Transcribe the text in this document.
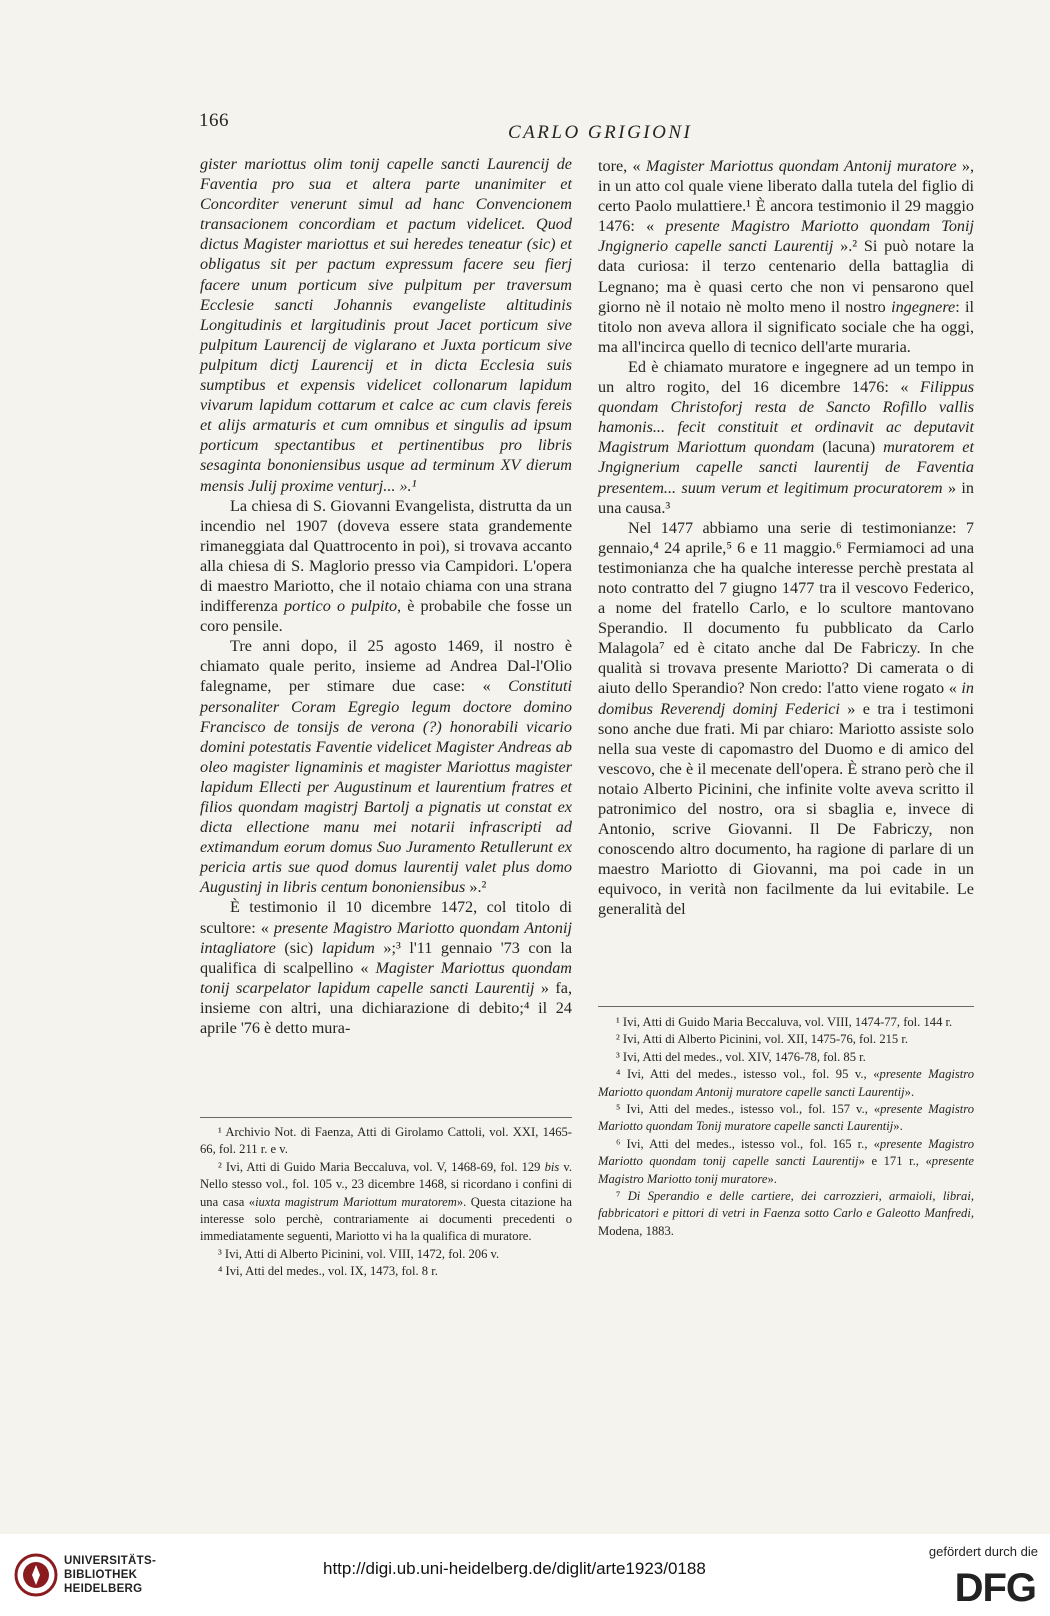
166
CARLO GRIGIONI

gister mariottus olim tonij capelle sancti Laurencij de Faventia pro sua et altera parte unanimiter et Concorditer venerunt simul ad hanc Convencionem transacionem concordiam et pactum videlicet. Quod dictus Magister mariottus et sui heredes teneatur (sic) et obligatus sit per pactum expressum facere seu fierj facere unum porticum sive pulpitum per traversum Ecclesie sancti Johannis evangeliste altitudinis Longitudinis et largitudinis prout Jacet porticum sive pulpitum Laurencij de viglarano et Juxta porticum sive pulpitum dictj Laurencij et in dicta Ecclesia suis sumptibus et expensis videlicet collonarum lapidum vivarum lapidum cottarum et calce ac cum clavis fereis et alijs armaturis et cum omnibus et singulis ad ipsum porticum spectantibus et pertinentibus pro libris sesaginta bononiensibus usque ad terminum XV dierum mensis Julij proxime venturj... ».¹

La chiesa di S. Giovanni Evangelista, distrutta da un incendio nel 1907 (doveva essere stata grandemente rimaneggiata dal Quattrocento in poi), si trovava accanto alla chiesa di S. Maglorio presso via Campidori. L'opera di maestro Mariotto, che il notaio chiama con una strana indifferenza portico o pulpito, è probabile che fosse un coro pensile.

Tre anni dopo, il 25 agosto 1469, il nostro è chiamato quale perito, insieme ad Andrea Dal-l'Olio falegname, per stimare due case: « Constituti personaliter Coram Egregio legum doctore domino Francisco de tonsijs de verona (?) honorabili vicario domini potestatis Faventie videlicet Magister Andreas ab oleo magister lignaminis et magister Mariottus magister lapidum Ellecti per Augustinum et laurentium fratres et filios quondam magistrj Bartolj a pignatis ut constat ex dicta ellectione manu mei notarii infrascripti ad extimandum eorum domus Suo Juramento Retullerunt ex pericia artis sue quod domus laurentij valet plus domo Augustinj in libris centum bononiensibus ».²

È testimonio il 10 dicembre 1472, col titolo di scultore: « presente Magistro Mariotto quondam Antonij intagliatore (sic) lapidum »;³ l'11 gennaio '73 con la qualifica di scalpellino « Magister Mariottus quondam tonij scarpelator lapidum capelle sancti Laurentij » fa, insieme con altri, una dichiarazione di debito;⁴ il 24 aprile '76 è detto mura-

tore, « Magister Mariottus quondam Antonij muratore », in un atto col quale viene liberato dalla tutela del figlio di certo Paolo mulattiere.¹ È ancora testimonio il 29 maggio 1476: « presente Magistro Mariotto quondam Tonij Jngignerio capelle sancti Laurentij ».² Si può notare la data curiosa: il terzo centenario della battaglia di Legnano; ma è quasi certo che non vi pensarono quel giorno nè il notaio nè molto meno il nostro ingegnere: il titolo non aveva allora il significato sociale che ha oggi, ma all'incirca quello di tecnico dell'arte muraria.

Ed è chiamato muratore e ingegnere ad un tempo in un altro rogito, del 16 dicembre 1476: « Filippus quondam Christoforj resta de Sancto Rofillo vallis hamonis... fecit constituit et ordinavit ac deputavit Magistrum Mariottum quondam (lacuna) muratorem et Jngignerium capelle sancti laurentij de Faventia presentem... suum verum et legitimum procuratorem » in una causa.³

Nel 1477 abbiamo una serie di testimonianze: 7 gennaio,⁴ 24 aprile,⁵ 6 e 11 maggio.⁶ Fermiamoci ad una testimonianza che ha qualche interesse perchè prestata al noto contratto del 7 giugno 1477 tra il vescovo Federico, a nome del fratello Carlo, e lo scultore mantovano Sperandio. Il documento fu pubblicato da Carlo Malagola⁷ ed è citato anche dal De Fabriczy. In che qualità si trovava presente Mariotto? Di camerata o di aiuto dello Sperandio? Non credo: l'atto viene rogato « in domibus Reverendj dominj Federici » e tra i testimoni sono anche due frati. Mi par chiaro: Mariotto assiste solo nella sua veste di capomastro del Duomo e di amico del vescovo, che è il mecenate dell'opera. È strano però che il notaio Alberto Picinini, che infinite volte aveva scritto il patronimico del nostro, ora si sbaglia e, invece di Antonio, scrive Giovanni. Il De Fabriczy, non conoscendo altro documento, ha ragione di parlare di un maestro Mariotto di Giovanni, ma poi cade in un equivoco, in verità non facilmente da lui evitabile. Le generalità del

¹ Archivio Not. di Faenza, Atti di Girolamo Cattoli, vol. XXI, 1465-66, fol. 211 r. e v.

² Ivi, Atti di Guido Maria Beccaluva, vol. V, 1468-69, fol. 129 bis v. Nello stesso vol., fol. 105 v., 23 dicembre 1468, si ricordano i confini di una casa «iuxta magistrum Mariottum muratorem». Questa citazione ha interesse solo perchè, contrariamente ai documenti precedenti o immediatamente seguenti, Mariotto vi ha la qualifica di muratore.

³ Ivi, Atti di Alberto Picinini, vol. VIII, 1472, fol. 206 v.

⁴ Ivi, Atti del medes., vol. IX, 1473, fol. 8 r.

¹ Ivi, Atti di Guido Maria Beccaluva, vol. VIII, 1474-77, fol. 144 r.

² Ivi, Atti di Alberto Picinini, vol. XII, 1475-76, fol. 215 r.

³ Ivi, Atti del medes., vol. XIV, 1476-78, fol. 85 r.

⁴ Ivi, Atti del medes., istesso vol., fol. 95 v., «presente Magistro Mariotto quondam Antonij muratore capelle sancti Laurentij».

⁵ Ivi, Atti del medes., istesso vol., fol. 157 v., «presente Magistro Mariotto quondam Tonij muratore capelle sancti Laurentij».

⁶ Ivi, Atti del medes., istesso vol., fol. 165 r., «presente Magistro Mariotto quondam tonij capelle sancti Laurentij» e 171 r., «presente Magistro Mariotto tonij muratore».

⁷ Di Sperandio e delle cartiere, dei carrozzieri, armaioli, librai, fabbricatori e pittori di vetri in Faenza sotto Carlo e Galeotto Manfredi, Modena, 1883.

UNIVERSITÄTS-
BIBLIOTHEK
HEIDELBERG
http://digi.ub.uni-heidelberg.de/diglit/arte1923/0188
gefördert durch die
DFG
